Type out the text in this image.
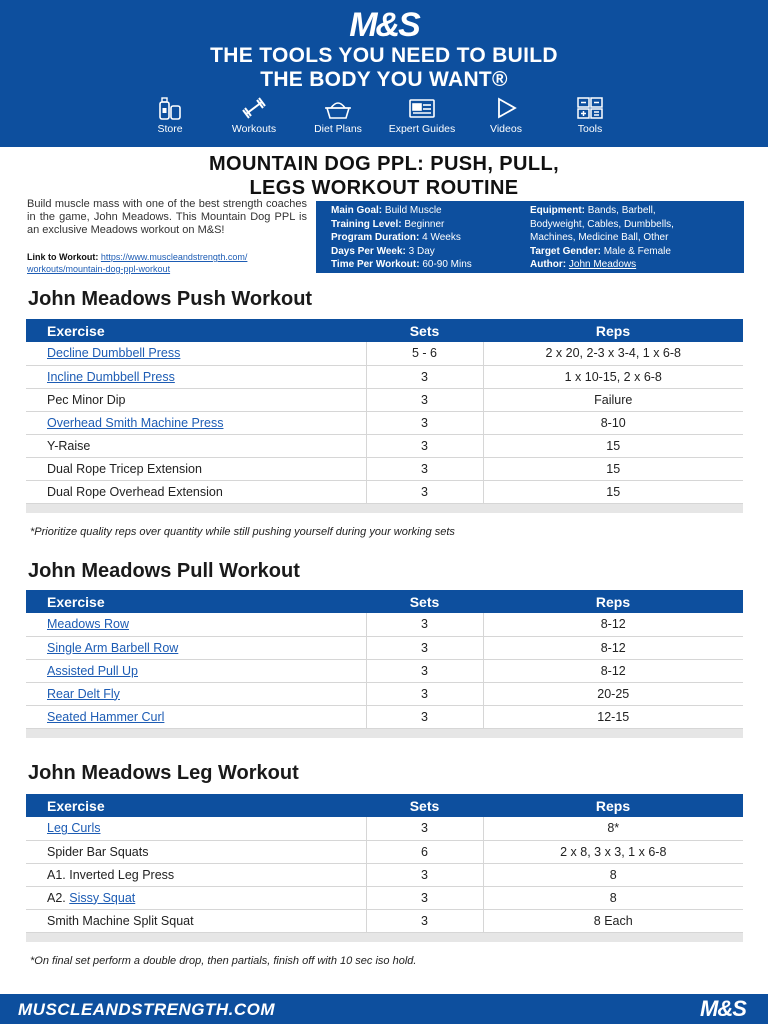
M&S
THE TOOLS YOU NEED TO BUILD
THE BODY YOU WANT®
Store	Workouts	Diet Plans	Expert Guides	Videos	Tools
MOUNTAIN DOG PPL: PUSH, PULL,
LEGS WORKOUT ROUTINE
Build muscle mass with one of the best strength coaches in the game, John Meadows. This Mountain Dog PPL is an exclusive Meadows workout on M&S!
Link to Workout: https://www.muscleandstrength.com/
workouts/mountain-dog-ppl-workout
Main Goal: Build Muscle
Training Level: Beginner
Program Duration: 4 Weeks
Days Per Week: 3 Day
Time Per Workout: 60-90 Mins
Equipment: Bands, Barbell,
Bodyweight, Cables, Dumbbells,
Machines, Medicine Ball, Other
Target Gender: Male & Female
Author: John Meadows
John Meadows Push Workout
Exercise	Sets	Reps
Decline Dumbbell Press	5 - 6	2 x 20, 2-3 x 3-4, 1 x 6-8
Incline Dumbbell Press	3	1 x 10-15, 2 x 6-8
Pec Minor Dip	3	Failure
Overhead Smith Machine Press	3	8-10
Y-Raise	3	15
Dual Rope Tricep Extension	3	15
Dual Rope Overhead Extension	3	15

*Prioritize quality reps over quantity while still pushing yourself during your working sets
John Meadows Pull Workout
Exercise	Sets	Reps
Meadows Row	3	8-12
Single Arm Barbell Row	3	8-12
Assisted Pull Up	3	8-12
Rear Delt Fly	3	20-25
Seated Hammer Curl	3	12-15

John Meadows Leg Workout
Exercise	Sets	Reps
Leg Curls	3	8*
Spider Bar Squats	6	2 x 8, 3 x 3, 1 x 6-8
A1. Inverted Leg Press	3	8
A2. Sissy Squat	3	8
Smith Machine Split Squat	3	8 Each

*On final set perform a double drop, then partials, finish off with 10 sec iso hold.
MUSCLEANDSTRENGTH.COM	M&S
